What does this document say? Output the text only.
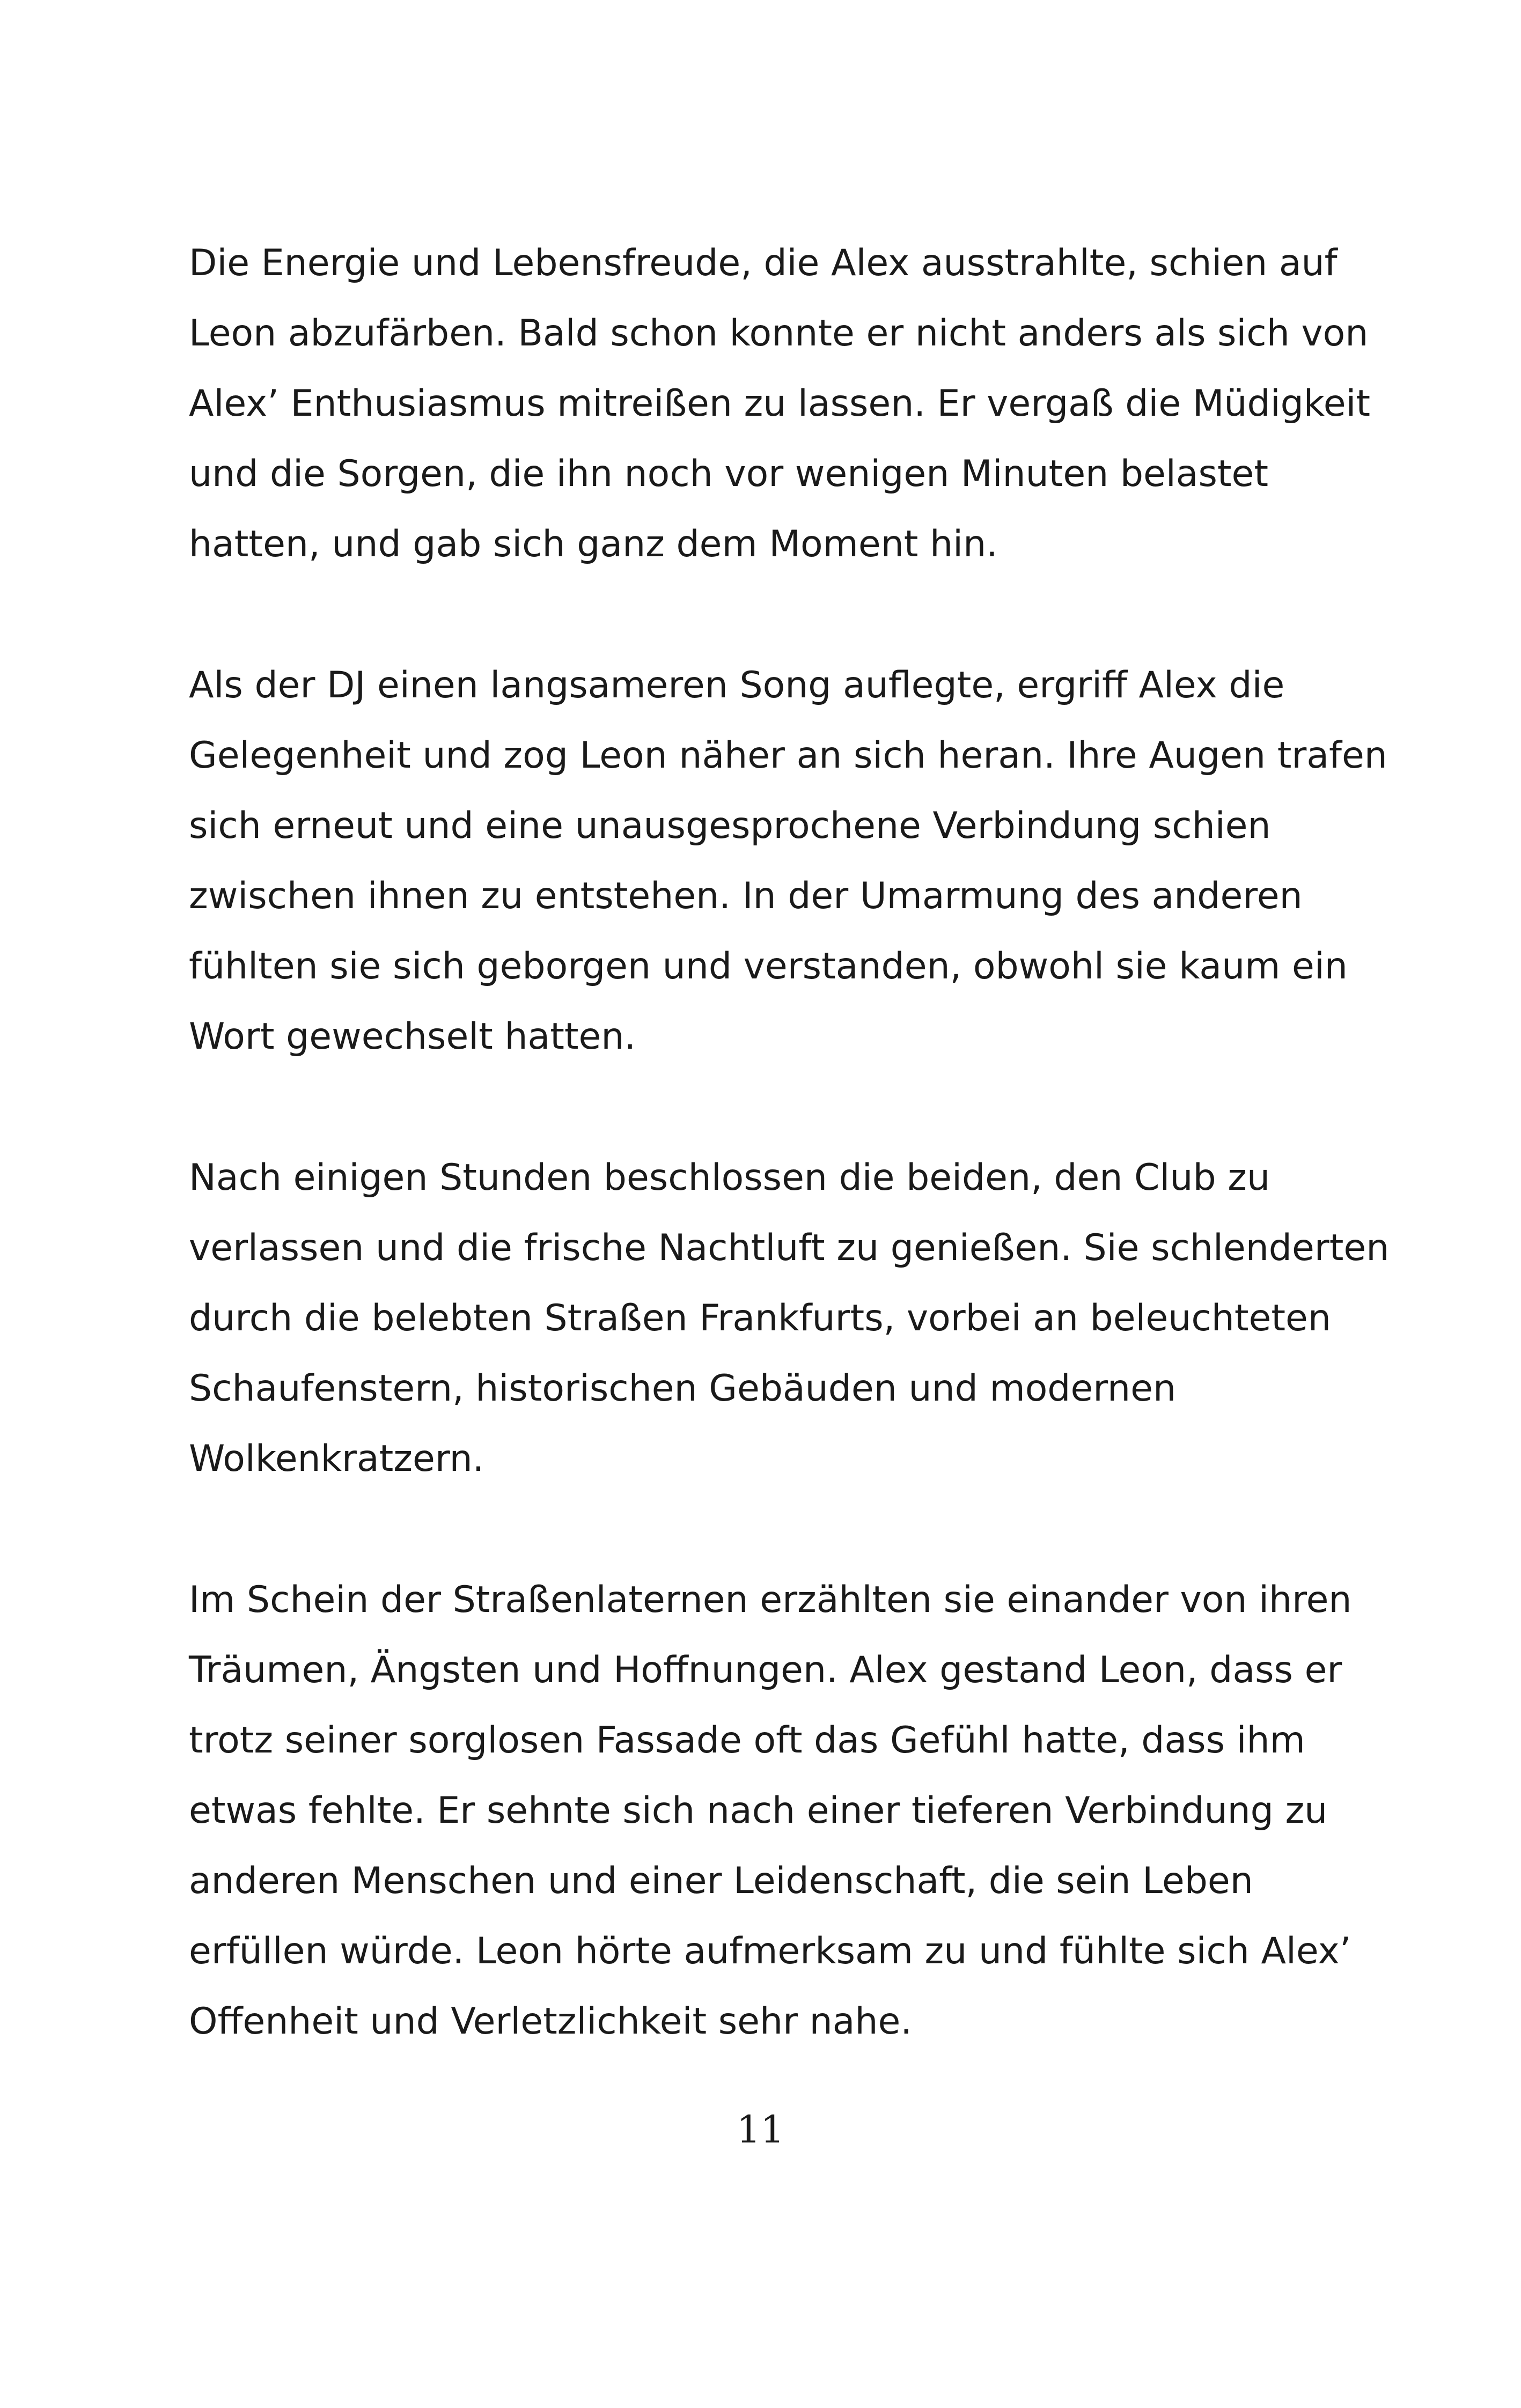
Die Energie und Lebensfreude, die Alex ausstrahlte, schien auf
Leon abzufärben. Bald schon konnte er nicht anders als sich von
Alex’ Enthusiasmus mitreißen zu lassen. Er vergaß die Müdigkeit
und die Sorgen, die ihn noch vor wenigen Minuten belastet
hatten, und gab sich ganz dem Moment hin.

Als der DJ einen langsameren Song auflegte, ergriff Alex die
Gelegenheit und zog Leon näher an sich heran. Ihre Augen trafen
sich erneut und eine unausgesprochene Verbindung schien
zwischen ihnen zu entstehen. In der Umarmung des anderen
fühlten sie sich geborgen und verstanden, obwohl sie kaum ein
Wort gewechselt hatten.

Nach einigen Stunden beschlossen die beiden, den Club zu
verlassen und die frische Nachtluft zu genießen. Sie schlenderten
durch die belebten Straßen Frankfurts, vorbei an beleuchteten
Schaufenstern, historischen Gebäuden und modernen
Wolkenkratzern.

Im Schein der Straßenlaternen erzählten sie einander von ihren
Träumen, Ängsten und Hoffnungen. Alex gestand Leon, dass er
trotz seiner sorglosen Fassade oft das Gefühl hatte, dass ihm
etwas fehlte. Er sehnte sich nach einer tieferen Verbindung zu
anderen Menschen und einer Leidenschaft, die sein Leben
erfüllen würde. Leon hörte aufmerksam zu und fühlte sich Alex’
Offenheit und Verletzlichkeit sehr nahe.

11
